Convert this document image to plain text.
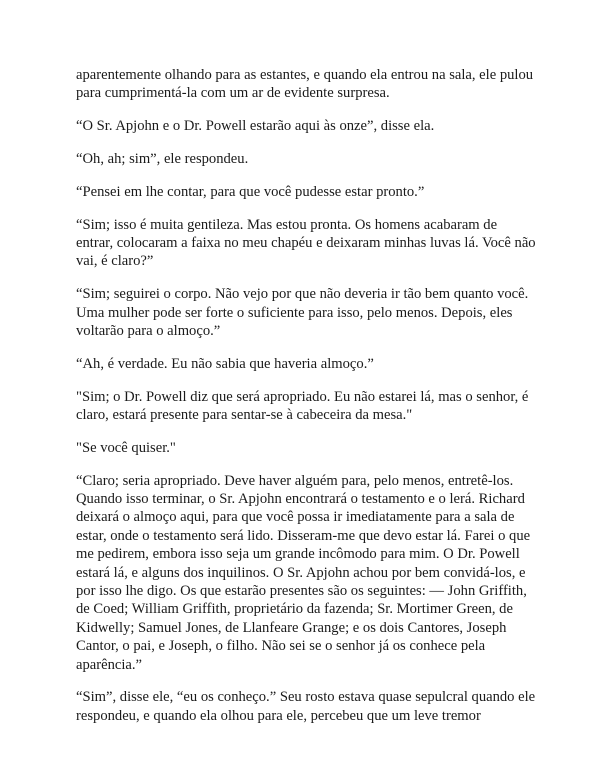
aparentemente olhando para as estantes, e quando ela entrou na sala, ele pulou para cumprimentá-la com um ar de evidente surpresa.

“O Sr. Apjohn e o Dr. Powell estarão aqui às onze”, disse ela.

“Oh, ah; sim”, ele respondeu.

“Pensei em lhe contar, para que você pudesse estar pronto.”

“Sim; isso é muita gentileza. Mas estou pronta. Os homens acabaram de entrar, colocaram a faixa no meu chapéu e deixaram minhas luvas lá. Você não vai, é claro?”

“Sim; seguirei o corpo. Não vejo por que não deveria ir tão bem quanto você. Uma mulher pode ser forte o suficiente para isso, pelo menos. Depois, eles voltarão para o almoço.”

“Ah, é verdade. Eu não sabia que haveria almoço.”

"Sim; o Dr. Powell diz que será apropriado. Eu não estarei lá, mas o senhor, é claro, estará presente para sentar-se à cabeceira da mesa."

"Se você quiser."

“Claro; seria apropriado. Deve haver alguém para, pelo menos, entretê-los. Quando isso terminar, o Sr. Apjohn encontrará o testamento e o lerá. Richard deixará o almoço aqui, para que você possa ir imediatamente para a sala de estar, onde o testamento será lido. Disseram-me que devo estar lá. Farei o que me pedirem, embora isso seja um grande incômodo para mim. O Dr. Powell estará lá, e alguns dos inquilinos. O Sr. Apjohn achou por bem convidá-los, e por isso lhe digo. Os que estarão presentes são os seguintes: — John Griffith, de Coed; William Griffith, proprietário da fazenda; Sr. Mortimer Green, de Kidwelly; Samuel Jones, de Llanfeare Grange; e os dois Cantores, Joseph Cantor, o pai, e Joseph, o filho. Não sei se o senhor já os conhece pela aparência.”

“Sim”, disse ele, “eu os conheço.” Seu rosto estava quase sepulcral quando ele respondeu, e quando ela olhou para ele, percebeu que um leve tremor
